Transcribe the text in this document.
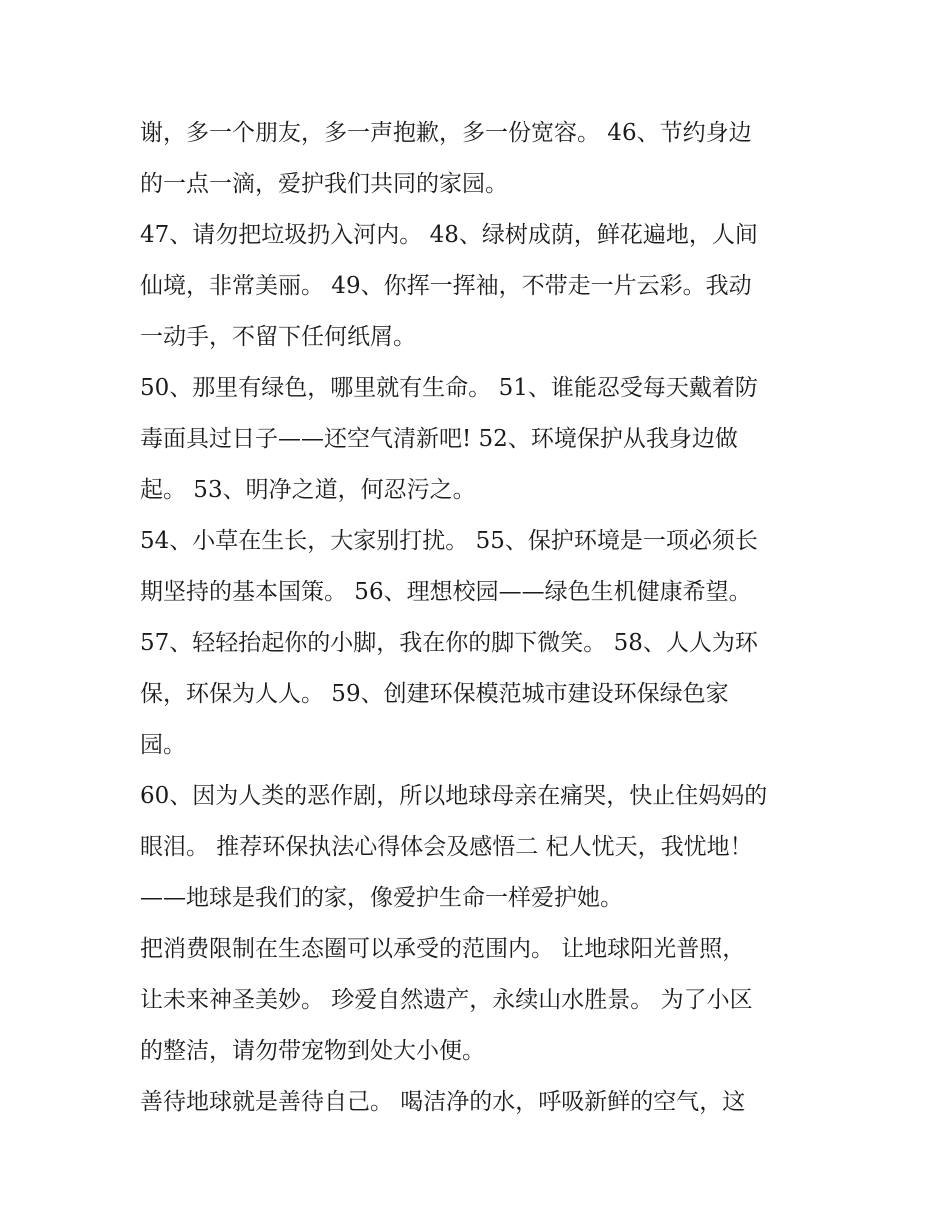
谢，多一个朋友，多一声抱歉，多一份宽容。 46、节约身边
的一点一滴，爱护我们共同的家园。
47、请勿把垃圾扔入河内。 48、绿树成荫，鲜花遍地，人间
仙境，非常美丽。 49、你挥一挥袖，不带走一片云彩。我动
一动手，不留下任何纸屑。
50、那里有绿色，哪里就有生命。 51、谁能忍受每天戴着防
毒面具过日子——还空气清新吧! 52、环境保护从我身边做
起。 53、明净之道，何忍污之。
54、小草在生长，大家别打扰。 55、保护环境是一项必须长
期坚持的基本国策。 56、理想校园——绿色生机健康希望。
57、轻轻抬起你的小脚，我在你的脚下微笑。 58、人人为环
保，环保为人人。 59、创建环保模范城市建设环保绿色家
园。
60、因为人类的恶作剧，所以地球母亲在痛哭，快止住妈妈的
眼泪。 推荐环保执法心得体会及感悟二 杞人忧天，我忧地！
——地球是我们的家，像爱护生命一样爱护她。
把消费限制在生态圈可以承受的范围内。 让地球阳光普照，
让未来神圣美妙。 珍爱自然遗产，永续山水胜景。 为了小区
的整洁，请勿带宠物到处大小便。
善待地球就是善待自己。 喝洁净的水，呼吸新鲜的空气，这
